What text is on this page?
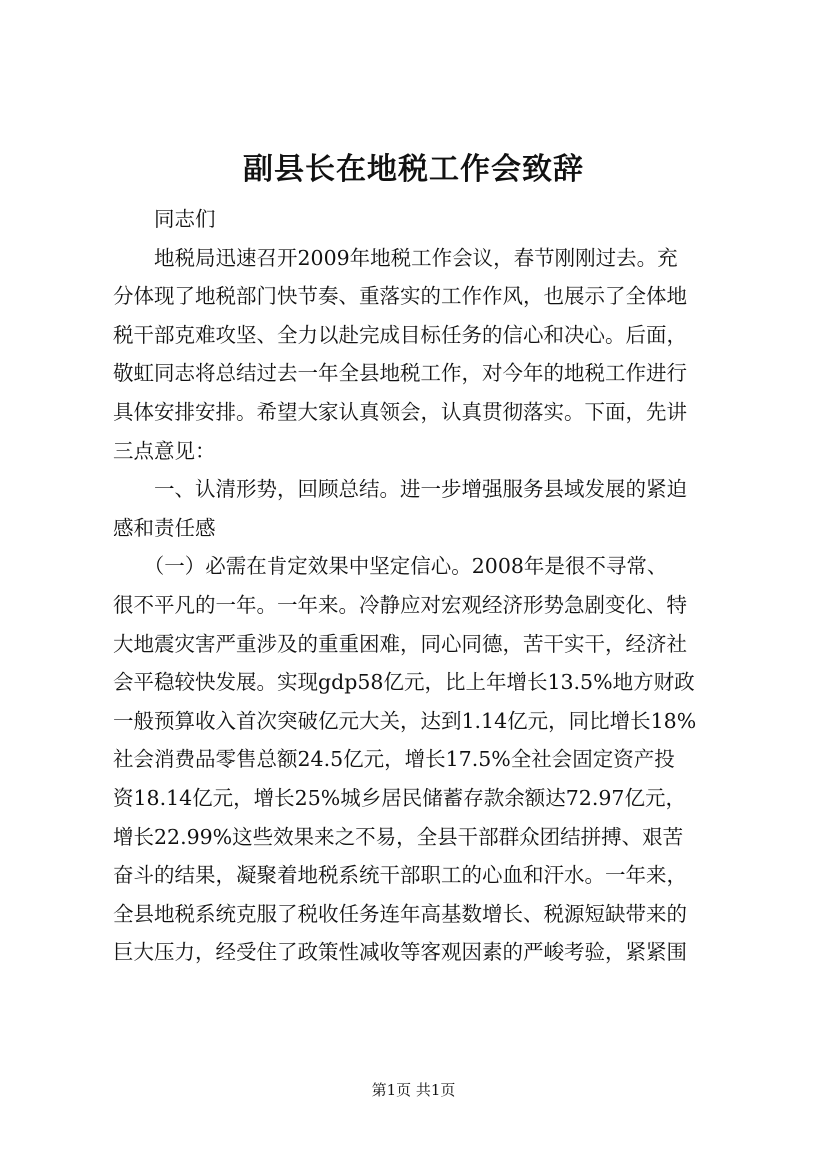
副县长在地税工作会致辞
　　同志们
　　地税局迅速召开2009年地税工作会议，春节刚刚过去。充
分体现了地税部门快节奏、重落实的工作作风，也展示了全体地
税干部克难攻坚、全力以赴完成目标任务的信心和决心。后面，
敬虹同志将总结过去一年全县地税工作，对今年的地税工作进行
具体安排安排。希望大家认真领会，认真贯彻落实。下面，先讲
三点意见：
　　一、认清形势，回顾总结。进一步增强服务县域发展的紧迫
感和责任感
　　（一）必需在肯定效果中坚定信心。2008年是很不寻常、
很不平凡的一年。一年来。冷静应对宏观经济形势急剧变化、特
大地震灾害严重涉及的重重困难，同心同德，苦干实干，经济社
会平稳较快发展。实现gdp58亿元，比上年增长13.5%地方财政
一般预算收入首次突破亿元大关，达到1.14亿元，同比增长18%
社会消费品零售总额24.5亿元，增长17.5%全社会固定资产投
资18.14亿元，增长25%城乡居民储蓄存款余额达72.97亿元，
增长22.99%这些效果来之不易，全县干部群众团结拼搏、艰苦
奋斗的结果，凝聚着地税系统干部职工的心血和汗水。一年来，
全县地税系统克服了税收任务连年高基数增长、税源短缺带来的
巨大压力，经受住了政策性减收等客观因素的严峻考验，紧紧围
第1页 共1页
